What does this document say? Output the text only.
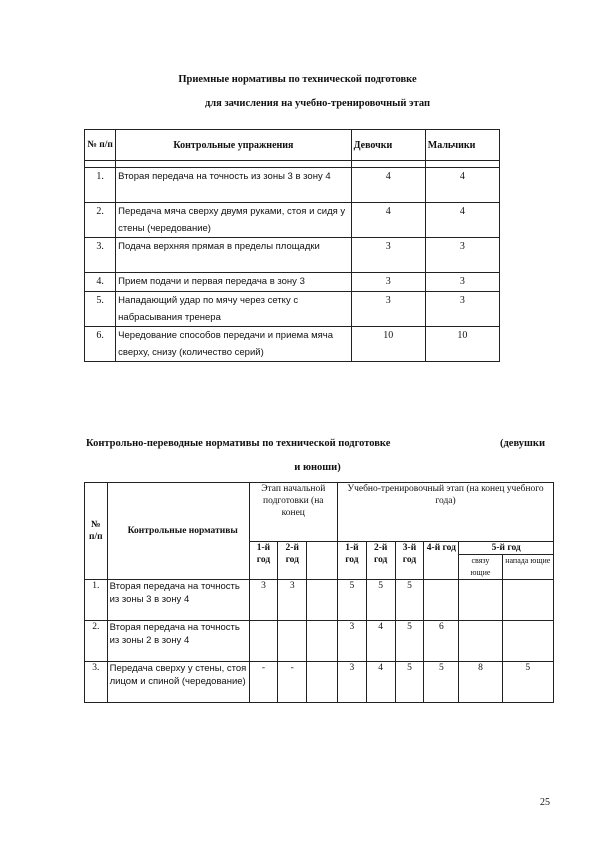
Приемные нормативы по технической подготовке
для зачисления на учебно-тренировочный этап
№ п/п	Контрольные упражнения	Девочки	Мальчики

1.	Вторая передача на точность из зоны 3 в зону 4	4	4
2.	Передача мяча сверху двумя руками, стоя и сидя у стены (чередование)	4	4
3.	Подача верхняя прямая в пределы площадки	3	3
4.	Прием подачи и первая передача в зону 3	3	3
5.	Нападающий удар по мячу через сетку с набрасывания тренера	3	3
6.	Чередование способов передачи и приема мяча сверху, снизу (количество серий)	10	10
Контрольно-переводные нормативы по технической подготовке	(девушки
и юноши)
№ п/п	Контрольные нормативы	Этап начальной подготовки (на конец			Учебно-тренировочный этап (на конец учебного года)					
		1-й год	2-й год		1-й год	2-й год	3-й год	4-й год	5-й год	
									связу ющие	напада ющие
1.	Вторая передача на точность из зоны 3 в зону 4	3	3		5	5	5			
2.	Вторая передача на точность из зоны 2 в зону 4				3	4	5	6		
3.	Передача сверху у стены, стоя лицом и спиной (чередование)	-	-		3	4	5	5	8	5
25
